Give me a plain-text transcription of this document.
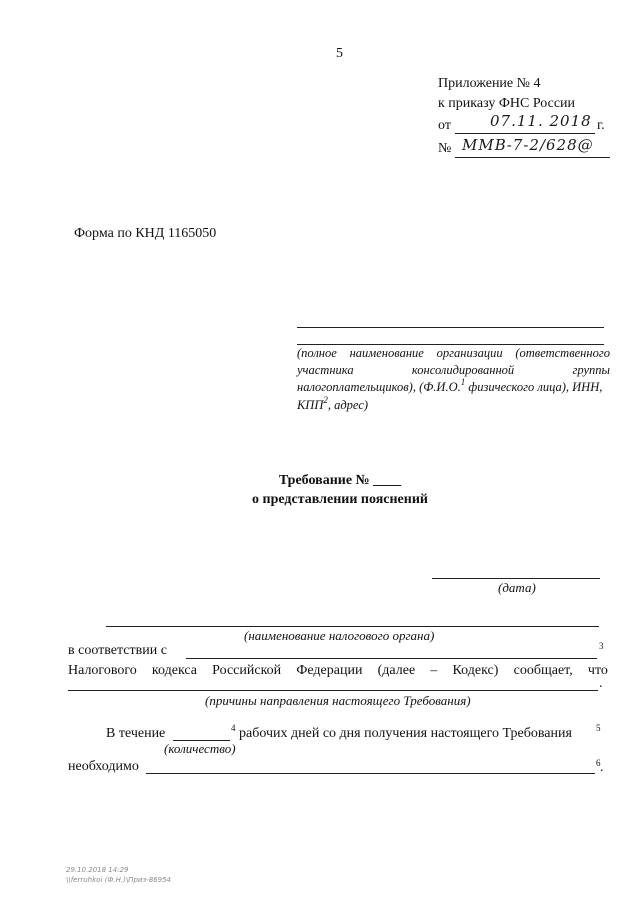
5
Приложение № 4
к приказу ФНС России
от	07.11. 2018 г.
№ ММВ-7-2/628@
Форма по КНД 1165050
(полное наименование организации (ответственного
участника	консолидированной	группы
налогоплательщиков), (Ф.И.О.$^1$ физического лица), ИНН,
КПП$^2$, адрес)
Требование № ____
о представлении пояснений
(дата)
(наименование налогового органа)
в соответствии с	3
Налогового кодекса Российской Федерации (далее – Кодекс) сообщает, что
.
(причины направления настоящего Требования)
В течение	4 рабочих дней со дня получения настоящего Требования	5
(количество)
необходимо	6 .
29.10.2018 14:29
\\ferruhkoi (Ф.Н.)\Приз-86954
